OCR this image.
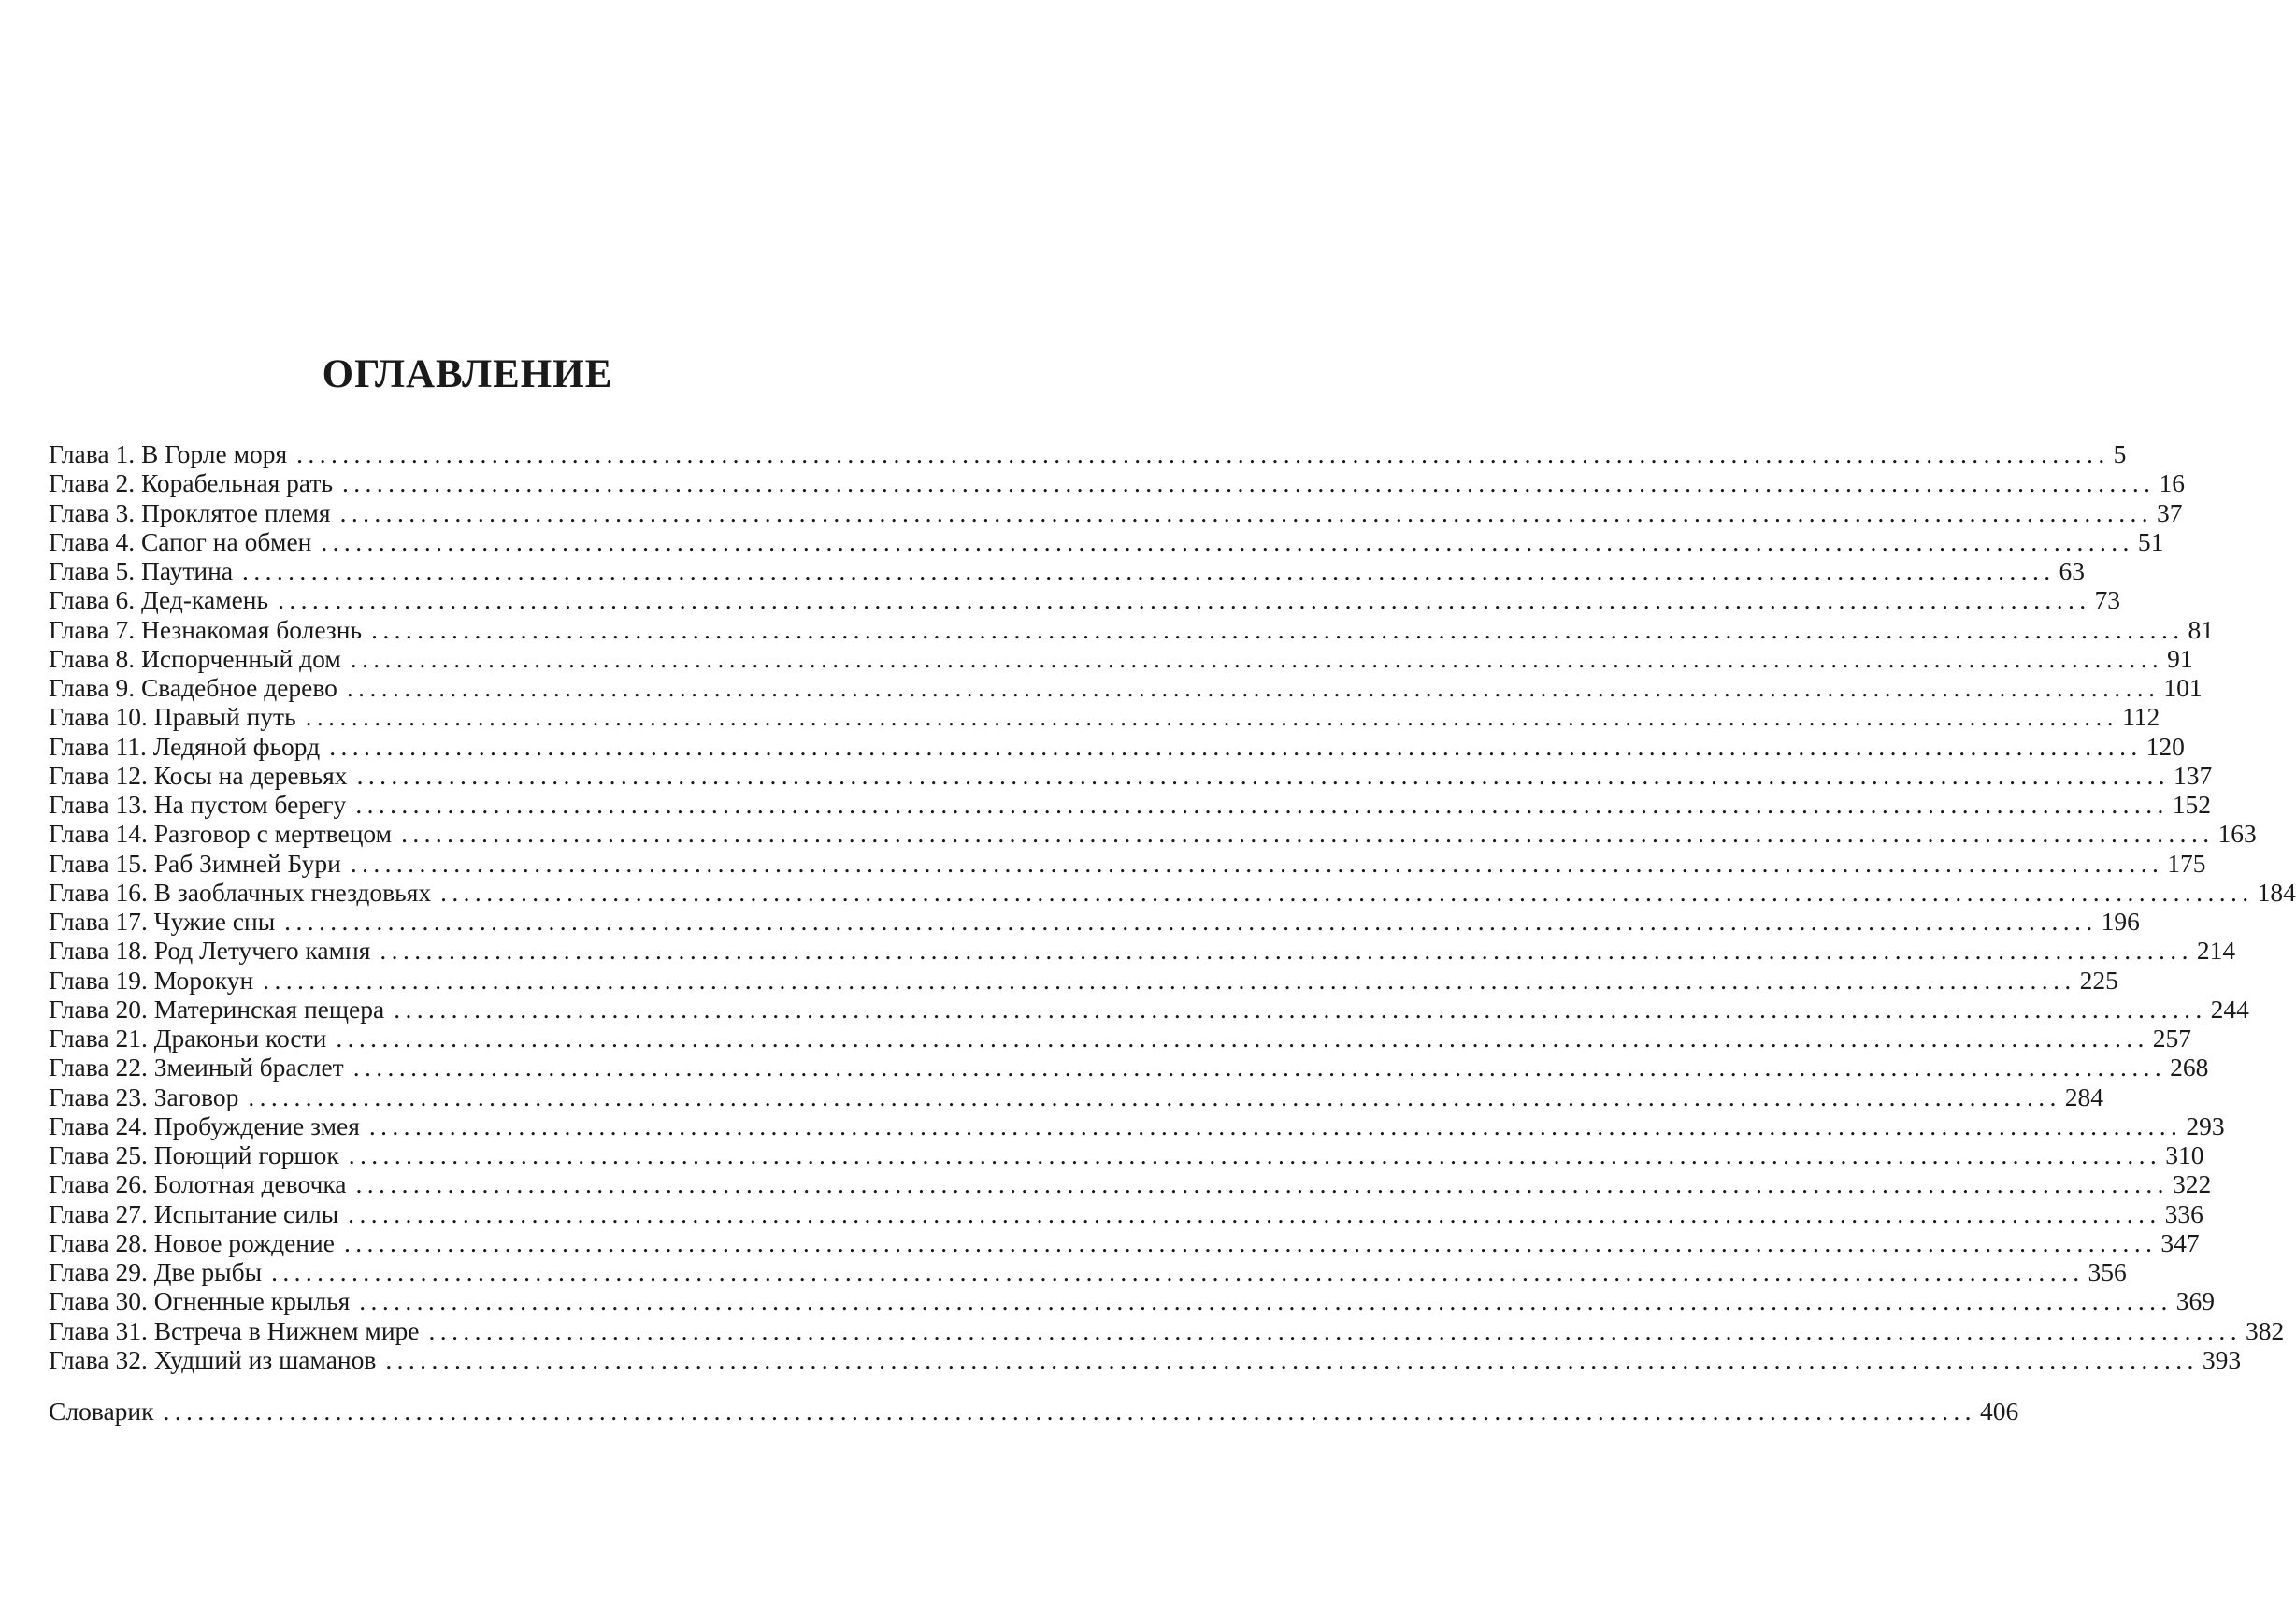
ОГЛАВЛЕНИЕ
Глава 1. В Горле моря .............................................................................................................................................................. 5
Глава 2. Корабельная рать .............................................................................................................................................................. 16
Глава 3. Проклятое племя .............................................................................................................................................................. 37
Глава 4. Сапог на обмен .............................................................................................................................................................. 51
Глава 5. Паутина .............................................................................................................................................................. 63
Глава 6. Дед-камень .............................................................................................................................................................. 73
Глава 7. Незнакомая болезнь .............................................................................................................................................................. 81
Глава 8. Испорченный дом .............................................................................................................................................................. 91
Глава 9. Свадебное дерево .............................................................................................................................................................. 101
Глава 10. Правый путь .............................................................................................................................................................. 112
Глава 11. Ледяной фьорд .............................................................................................................................................................. 120
Глава 12. Косы на деревьях .............................................................................................................................................................. 137
Глава 13. На пустом берегу .............................................................................................................................................................. 152
Глава 14. Разговор с мертвецом .............................................................................................................................................................. 163
Глава 15. Раб Зимней Бури .............................................................................................................................................................. 175
Глава 16. В заоблачных гнездовьях .............................................................................................................................................................. 184
Глава 17. Чужие сны .............................................................................................................................................................. 196
Глава 18. Род Летучего камня .............................................................................................................................................................. 214
Глава 19. Морокун .............................................................................................................................................................. 225
Глава 20. Материнская пещера .............................................................................................................................................................. 244
Глава 21. Драконьи кости .............................................................................................................................................................. 257
Глава 22. Змеиный браслет .............................................................................................................................................................. 268
Глава 23. Заговор .............................................................................................................................................................. 284
Глава 24. Пробуждение змея .............................................................................................................................................................. 293
Глава 25. Поющий горшок .............................................................................................................................................................. 310
Глава 26. Болотная девочка .............................................................................................................................................................. 322
Глава 27. Испытание силы .............................................................................................................................................................. 336
Глава 28. Новое рождение .............................................................................................................................................................. 347
Глава 29. Две рыбы .............................................................................................................................................................. 356
Глава 30. Огненные крылья .............................................................................................................................................................. 369
Глава 31. Встреча в Нижнем мире .............................................................................................................................................................. 382
Глава 32. Худший из шаманов .............................................................................................................................................................. 393
Словарик .............................................................................................................................................................. 406
